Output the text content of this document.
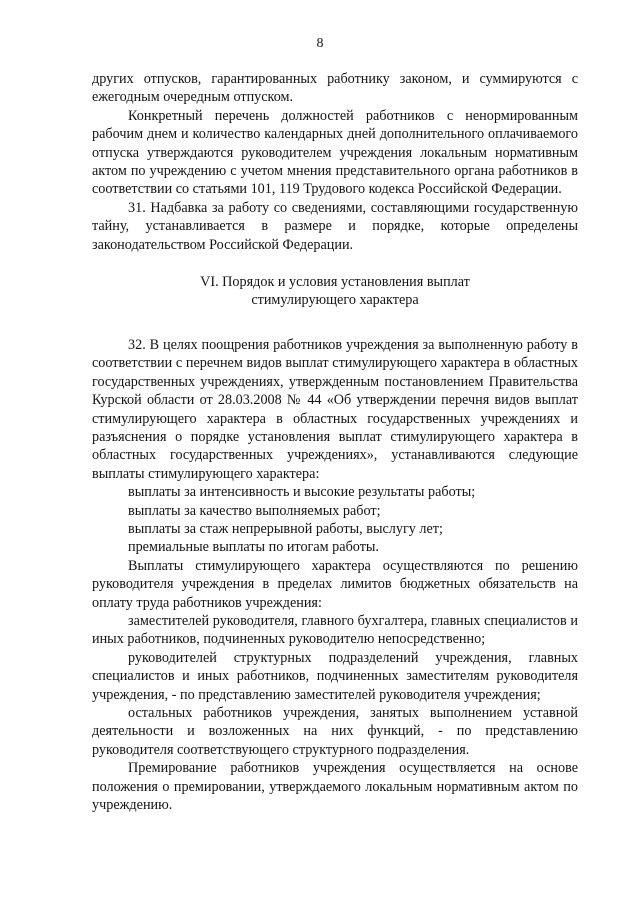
8

других отпусков, гарантированных работнику законом, и суммируются с ежегодным очередным отпуском.

Конкретный перечень должностей работников с ненормированным рабочим днем и количество календарных дней дополнительного оплачиваемого отпуска утверждаются руководителем учреждения локальным нормативным актом по учреждению с учетом мнения представительного органа работников в соответствии со статьями 101, 119 Трудового кодекса Российской Федерации.

31. Надбавка за работу со сведениями, составляющими государственную тайну, устанавливается в размере и порядке, которые определены законодательством Российской Федерации.

VI. Порядок и условия установления выплат
стимулирующего характера

32. В целях поощрения работников учреждения за выполненную работу в соответствии с перечнем видов выплат стимулирующего характера в областных государственных учреждениях, утвержденным постановлением Правительства Курской области от 28.03.2008 № 44 «Об утверждении перечня видов выплат стимулирующего характера в областных государственных учреждениях и разъяснения о порядке установления выплат стимулирующего характера в областных государственных учреждениях», устанавливаются следующие выплаты стимулирующего характера:

выплаты за интенсивность и высокие результаты работы;

выплаты за качество выполняемых работ;

выплаты за стаж непрерывной работы, выслугу лет;

премиальные выплаты по итогам работы.

Выплаты стимулирующего характера осуществляются по решению руководителя учреждения в пределах лимитов бюджетных обязательств на оплату труда работников учреждения:

заместителей руководителя, главного бухгалтера, главных специалистов и иных работников, подчиненных руководителю непосредственно;

руководителей структурных подразделений учреждения, главных специалистов и иных работников, подчиненных заместителям руководителя учреждения, - по представлению заместителей руководителя учреждения;

остальных работников учреждения, занятых выполнением уставной деятельности и возложенных на них функций, - по представлению руководителя соответствующего структурного подразделения.

Премирование работников учреждения осуществляется на основе положения о премировании, утверждаемого локальным нормативным актом по учреждению.
